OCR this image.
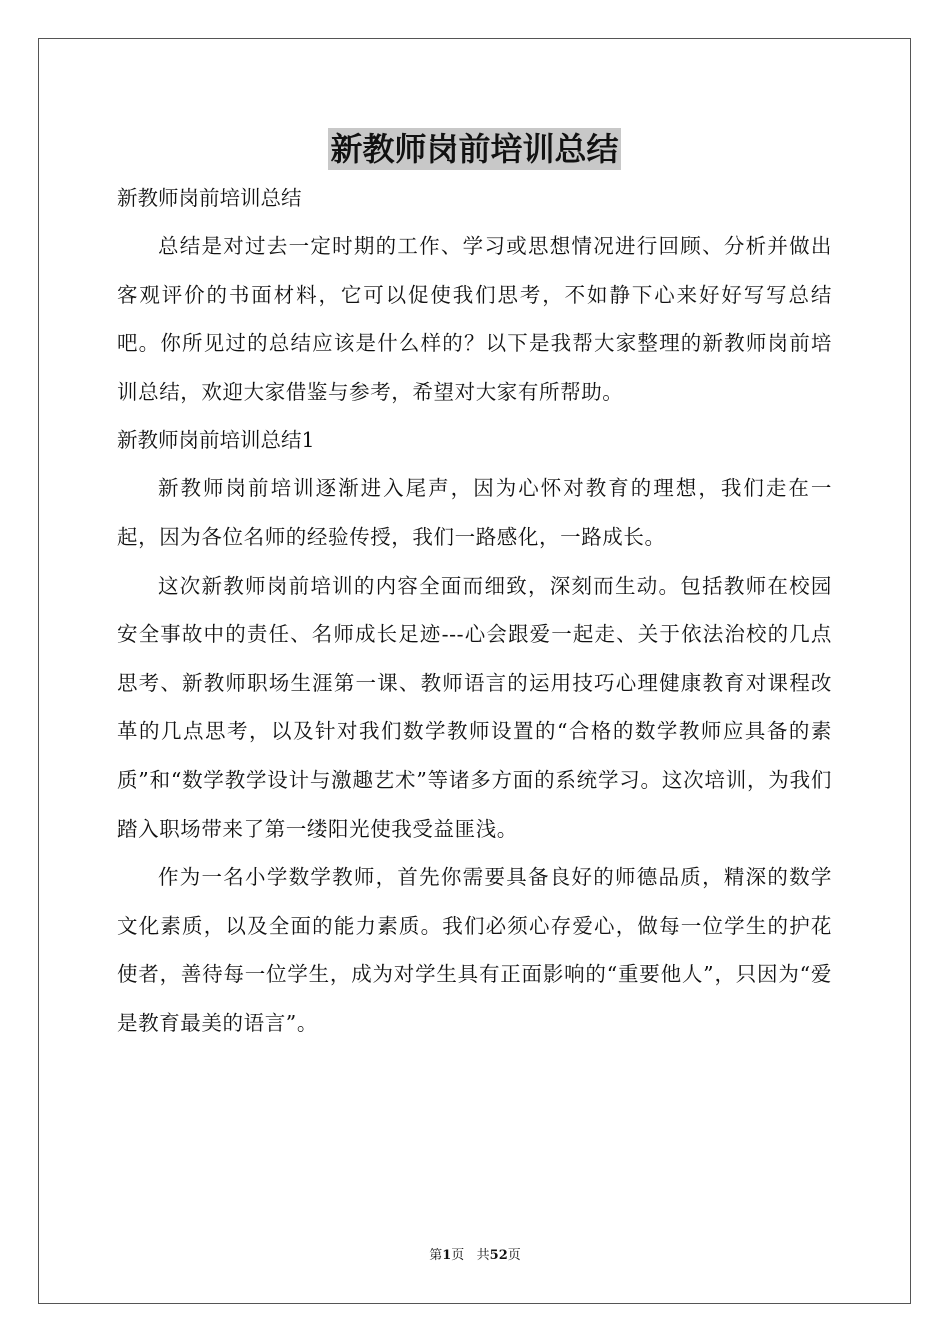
新教师岗前培训总结
新教师岗前培训总结
总结是对过去一定时期的工作、学习或思想情况进行回顾、分析并做出客观评价的书面材料，它可以促使我们思考，不如静下心来好好写写总结吧。你所见过的总结应该是什么样的？以下是我帮大家整理的新教师岗前培训总结，欢迎大家借鉴与参考，希望对大家有所帮助。
新教师岗前培训总结1
新教师岗前培训逐渐进入尾声，因为心怀对教育的理想，我们走在一起，因为各位名师的经验传授，我们一路感化，一路成长。
这次新教师岗前培训的内容全面而细致，深刻而生动。包括教师在校园安全事故中的责任、名师成长足迹---心会跟爱一起走、关于依法治校的几点思考、新教师职场生涯第一课、教师语言的运用技巧心理健康教育对课程改革的几点思考，以及针对我们数学教师设置的“合格的数学教师应具备的素质”和“数学教学设计与激趣艺术”等诸多方面的系统学习。这次培训，为我们踏入职场带来了第一缕阳光使我受益匪浅。
作为一名小学数学教师，首先你需要具备良好的师德品质，精深的数学文化素质，以及全面的能力素质。我们必须心存爱心，做每一位学生的护花使者，善待每一位学生，成为对学生具有正面影响的“重要他人”，只因为“爱是教育最美的语言”。
第1页   共52页
